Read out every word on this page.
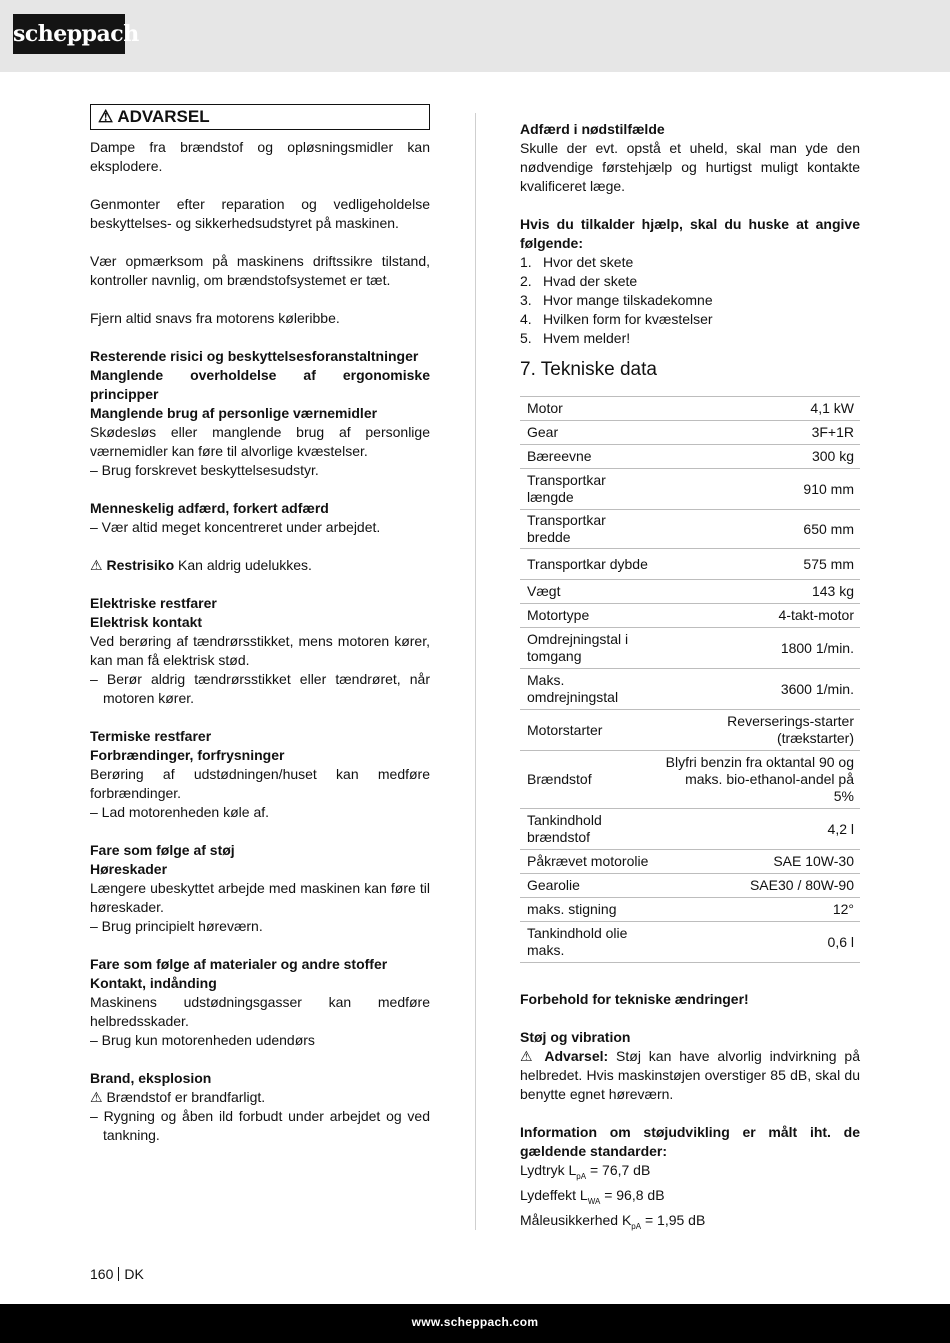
scheppach
⚠ ADVARSEL

Dampe fra brændstof og opløsningsmidler kan eksplodere.

Genmonter efter reparation og vedligeholdelse beskyttelses- og sikkerhedsudstyret på maskinen.

Vær opmærksom på maskinens driftssikre tilstand, kontroller navnlig, om brændstofsystemet er tæt.

Fjern altid snavs fra motorens køleribbe.

Resterende risici og beskyttelsesforanstaltninger

Manglende overholdelse af ergonomiske principper

Manglende brug af personlige værnemidler

Skødesløs eller manglende brug af personlige værnemidler kan føre til alvorlige kvæstelser.

– Brug forskrevet beskyttelsesudstyr.

Menneskelig adfærd, forkert adfærd

– Vær altid meget koncentreret under arbejdet.

⚠ Restrisiko Kan aldrig udelukkes.

Elektriske restfarer

Elektrisk kontakt

Ved berøring af tændrørsstikket, mens motoren kører, kan man få elektrisk stød.

– Berør aldrig tændrørsstikket eller tændrøret, når motoren kører.

Termiske restfarer

Forbrændinger, forfrysninger

Berøring af udstødningen/huset kan medføre forbrændinger.

– Lad motorenheden køle af.

Fare som følge af støj

Høreskader

Længere ubeskyttet arbejde med maskinen kan føre til høreskader.

– Brug principielt høreværn.

Fare som følge af materialer og andre stoffer

Kontakt, indånding

Maskinens udstødningsgasser kan medføre helbredsskader.

– Brug kun motorenheden udendørs

Brand, eksplosion

⚠ Brændstof er brandfarligt.

– Rygning og åben ild forbudt under arbejdet og ved tankning.

Adfærd i nødstilfælde

Skulle der evt. opstå et uheld, skal man yde den nødvendige førstehjælp og hurtigst muligt kontakte kvalificeret læge.

Hvis du tilkalder hjælp, skal du huske at angive følgende:

1. Hvor det skete
2. Hvad der skete
3. Hvor mange tilskadekomne
4. Hvilken form for kvæstelser
5. Hvem melder!
7. Tekniske data
Motor	4,1 kW
Gear	3F+1R
Bæreevne	300 kg
Transportkar længde	910 mm
Transportkar bredde	650 mm
Transportkar dybde	575 mm
Vægt	143 kg
Motortype	4-takt-motor
Omdrejningstal i tomgang	1800 1/min.
Maks. omdrejningstal	3600 1/min.
Motorstarter	Reverserings-starter (trækstarter)
Brændstof	Blyfri benzin fra oktantal 90 og maks. bio-ethanol-andel på 5%
Tankindhold brændstof	4,2 l
Påkrævet motorolie	SAE 10W-30
Gearolie	SAE30 / 80W-90
maks. stigning	12°
Tankindhold olie maks.	0,6 l

Forbehold for tekniske ændringer!

Støj og vibration

⚠ Advarsel: Støj kan have alvorlig indvirkning på helbredet. Hvis maskinstøjen overstiger 85 dB, skal du benytte egnet høreværn.

Information om støjudvikling er målt iht. de gældende standarder:

Lydtryk $L_{pA} = 76,7$ dB

Lydeffekt $L_{WA} = 96,8$ dB

Måleusikkerhed $K_{pA} = 1,95$ dB

160 DK
www.scheppach.com
